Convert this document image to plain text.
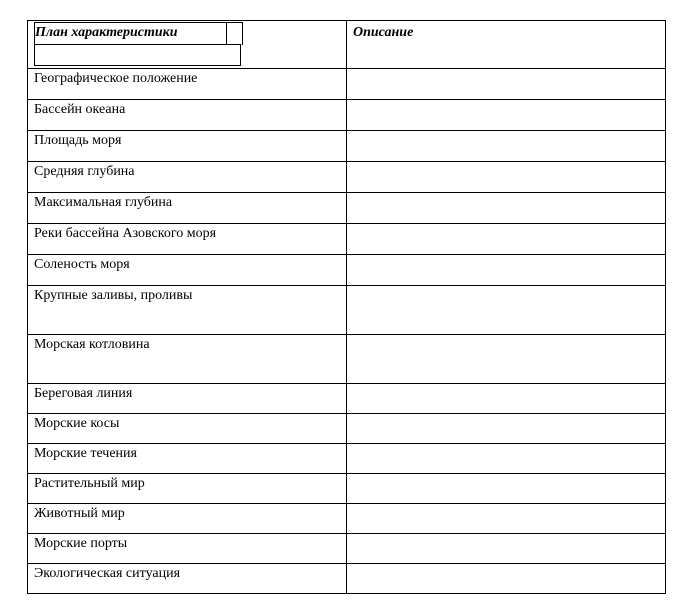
План характеристики	Описание

Географическое положение	

Бассейн океана	

Площадь моря	

Средняя глубина	

Максимальная глубина	

Реки бассейна Азовского моря	

Соленость моря	

Крупные заливы, проливы	

Морская котловина	

Береговая линия	

Морские косы	

Морские течения	

Растительный мир	

Животный мир	

Морские порты	

Экологическая ситуация	
